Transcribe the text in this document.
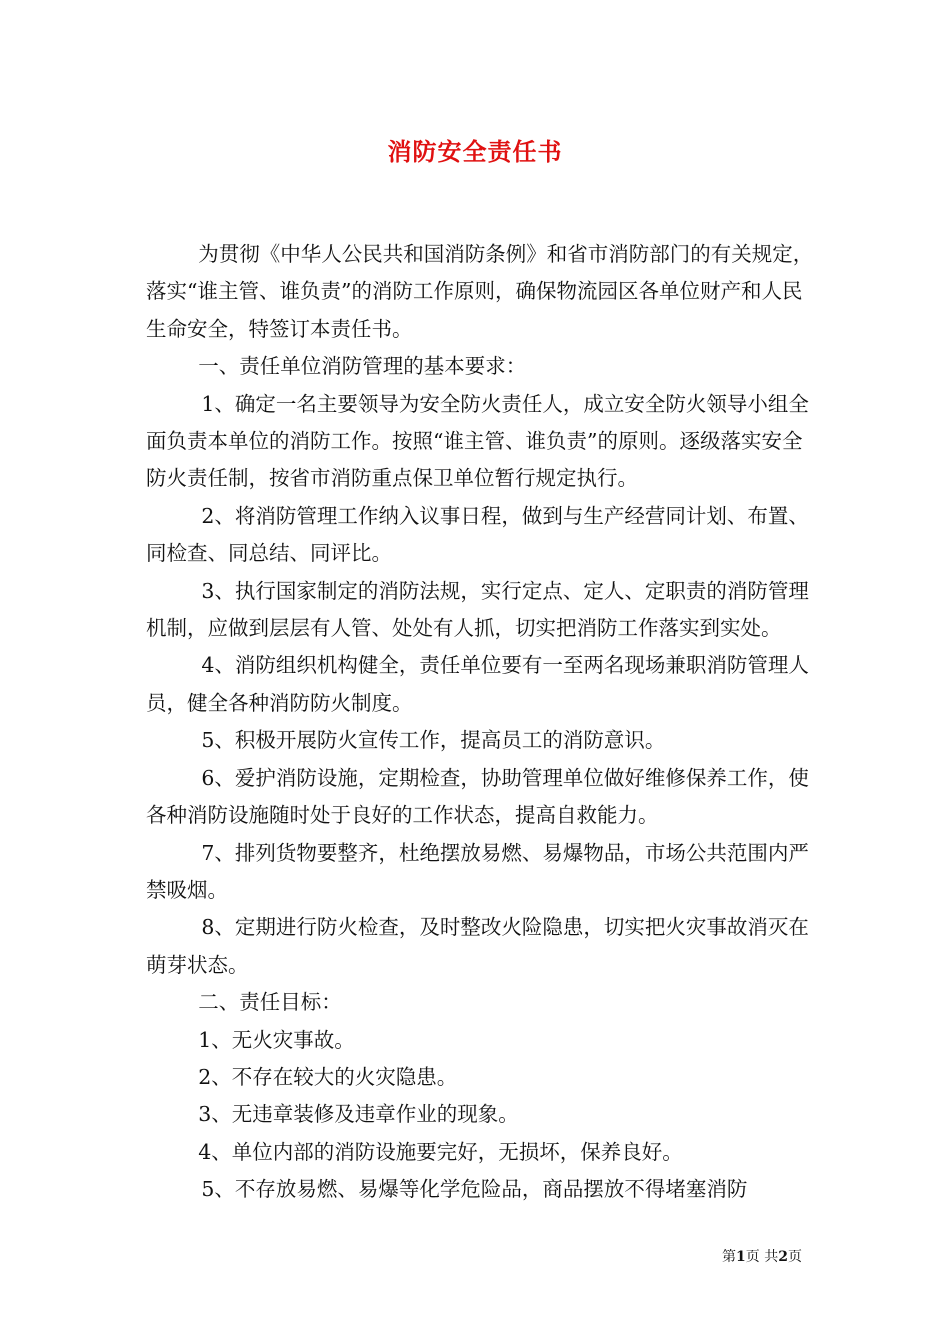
消防安全责任书

为贯彻《中华人公民共和国消防条例》和省市消防部门的有关规定，落实“谁主管、谁负责”的消防工作原则，确保物流园区各单位财产和人民生命安全，特签订本责任书。

一、责任单位消防管理的基本要求：

1、确定一名主要领导为安全防火责任人，成立安全防火领导小组全面负责本单位的消防工作。按照“谁主管、谁负责”的原则。逐级落实安全防火责任制，按省市消防重点保卫单位暂行规定执行。

2、将消防管理工作纳入议事日程，做到与生产经营同计划、布置、同检查、同总结、同评比。

3、执行国家制定的消防法规，实行定点、定人、定职责的消防管理机制，应做到层层有人管、处处有人抓，切实把消防工作落实到实处。

4、消防组织机构健全，责任单位要有一至两名现场兼职消防管理人员，健全各种消防防火制度。

5、积极开展防火宣传工作，提高员工的消防意识。

6、爱护消防设施，定期检查，协助管理单位做好维修保养工作，使各种消防设施随时处于良好的工作状态，提高自救能力。

7、排列货物要整齐，杜绝摆放易燃、易爆物品，市场公共范围内严禁吸烟。

8、定期进行防火检查，及时整改火险隐患，切实把火灾事故消灭在萌芽状态。

二、责任目标：

1、无火灾事故。

2、不存在较大的火灾隐患。

3、无违章装修及违章作业的现象。

4、单位内部的消防设施要完好，无损坏，保养良好。

5、不存放易燃、易爆等化学危险品，商品摆放不得堵塞消防

第1页 共2页
